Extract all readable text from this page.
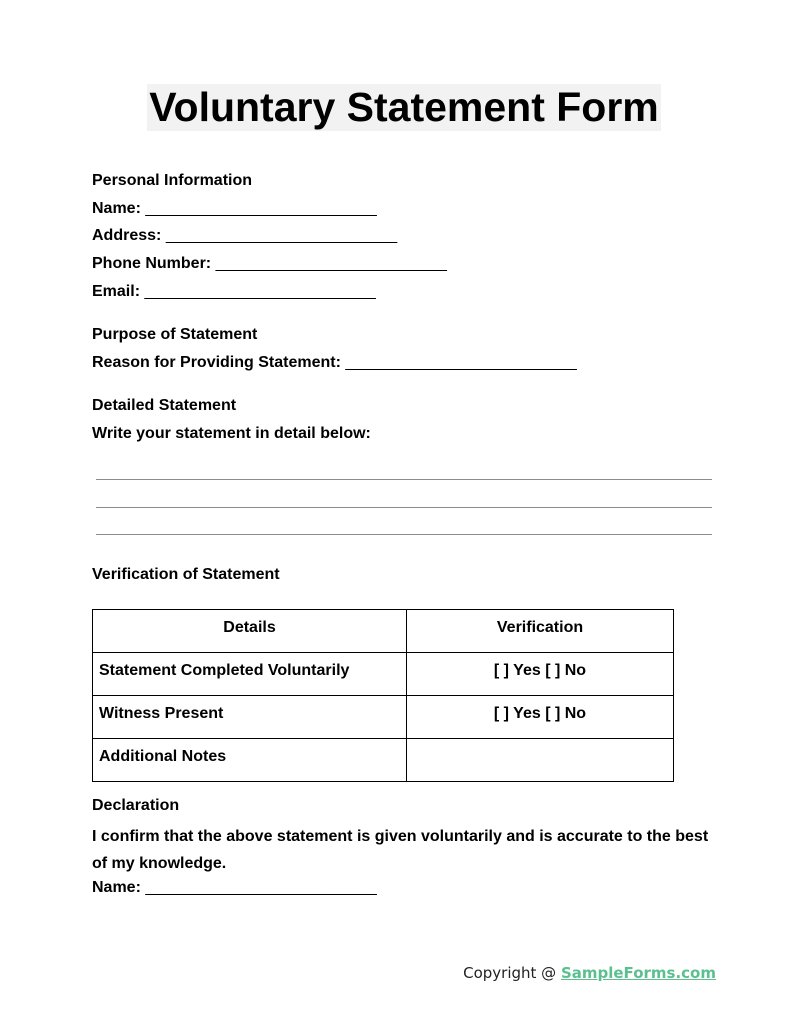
Voluntary Statement Form
Personal Information
Name: __________________________
Address: __________________________
Phone Number: __________________________
Email: __________________________
Purpose of Statement
Reason for Providing Statement: __________________________
Detailed Statement
Write your statement in detail below:
Verification of Statement
Details	Verification
Statement Completed Voluntarily	[ ] Yes [ ] No
Witness Present	[ ] Yes [ ] No
Additional Notes	
Declaration
I confirm that the above statement is given voluntarily and is accurate to the best of my knowledge.
Name: __________________________
Copyright @ SampleForms.com
